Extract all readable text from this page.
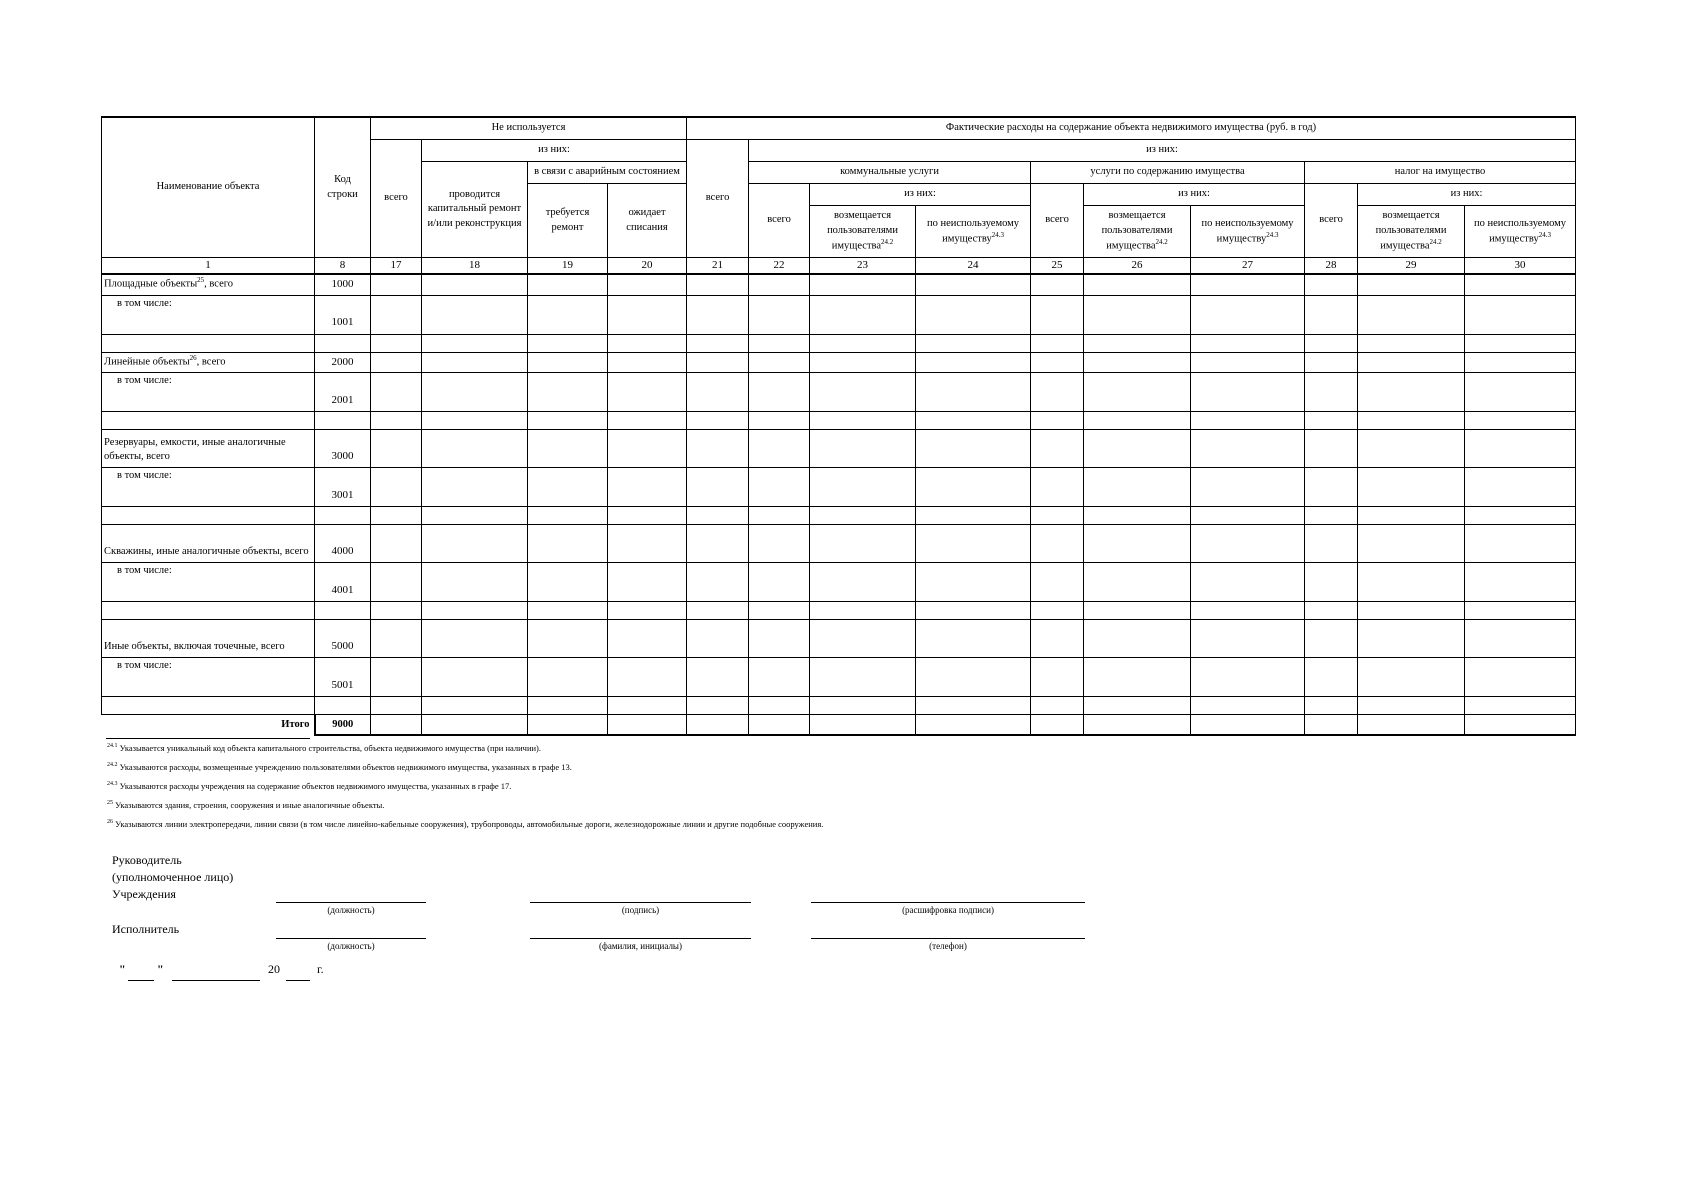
Наименование объекта	Код строки	Не используется				Фактические расходы на содержание объекта недвижимого имущества (руб. в год)									
		всего	из них:			всего	из них:								
			проводится капитальный ремонт и/или реконструкция	в связи с аварийным состоянием			коммунальные услуги			услуги по содержанию имущества			налог на имущество		
				требуется ремонт	ожидает списания		всего	из них:		всего	из них:		всего	из них:	
								возмещается пользователями имущества$^{24.2}$	по неиспользуемому имуществу$^{24.3}$		возмещается пользователями имущества$^{24.2}$	по неиспользуемому имуществу$^{24.3}$		возмещается пользователями имущества$^{24.2}$	по неиспользуемому имуществу$^{24.3}$
1	8	17	18	19	20	21	22	23	24	25	26	27	28	29	30
Площадные объекты$^{25}$, всего	1000														
в том числе:	1001														

Линейные объекты$^{26}$, всего	2000														
в том числе:	2001														

Резервуары, емкости, иные аналогичные объекты, всего	3000														
в том числе:	3001														

Скважины, иные аналогичные объекты, всего	4000														
в том числе:	4001														

Иные объекты, включая точечные, всего	5000														
в том числе:	5001														

Итого	9000														
$^{24.1}$ Указывается уникальный код объекта капитального строительства, объекта недвижимого имущества (при наличии).
$^{24.2}$ Указываются расходы, возмещенные учреждению пользователями объектов недвижимого имущества, указанных в графе 13.
$^{24.3}$ Указываются расходы учреждения на содержание объектов недвижимого имущества, указанных в графе 17.
$^{25}$ Указываются здания, строения, сооружения и иные аналогичные объекты.
$^{26}$ Указываются линии электропередачи, линии связи (в том числе линейно-кабельные сооружения), трубопроводы, автомобильные дороги, железнодорожные линии и другие подобные сооружения.
Руководитель
(уполномоченное лицо)
Учреждения
(должность)	(подпись)	(расшифровка подписи)
Исполнитель
(должность)	(фамилия, инициалы)	(телефон)
"	"	20	г.
